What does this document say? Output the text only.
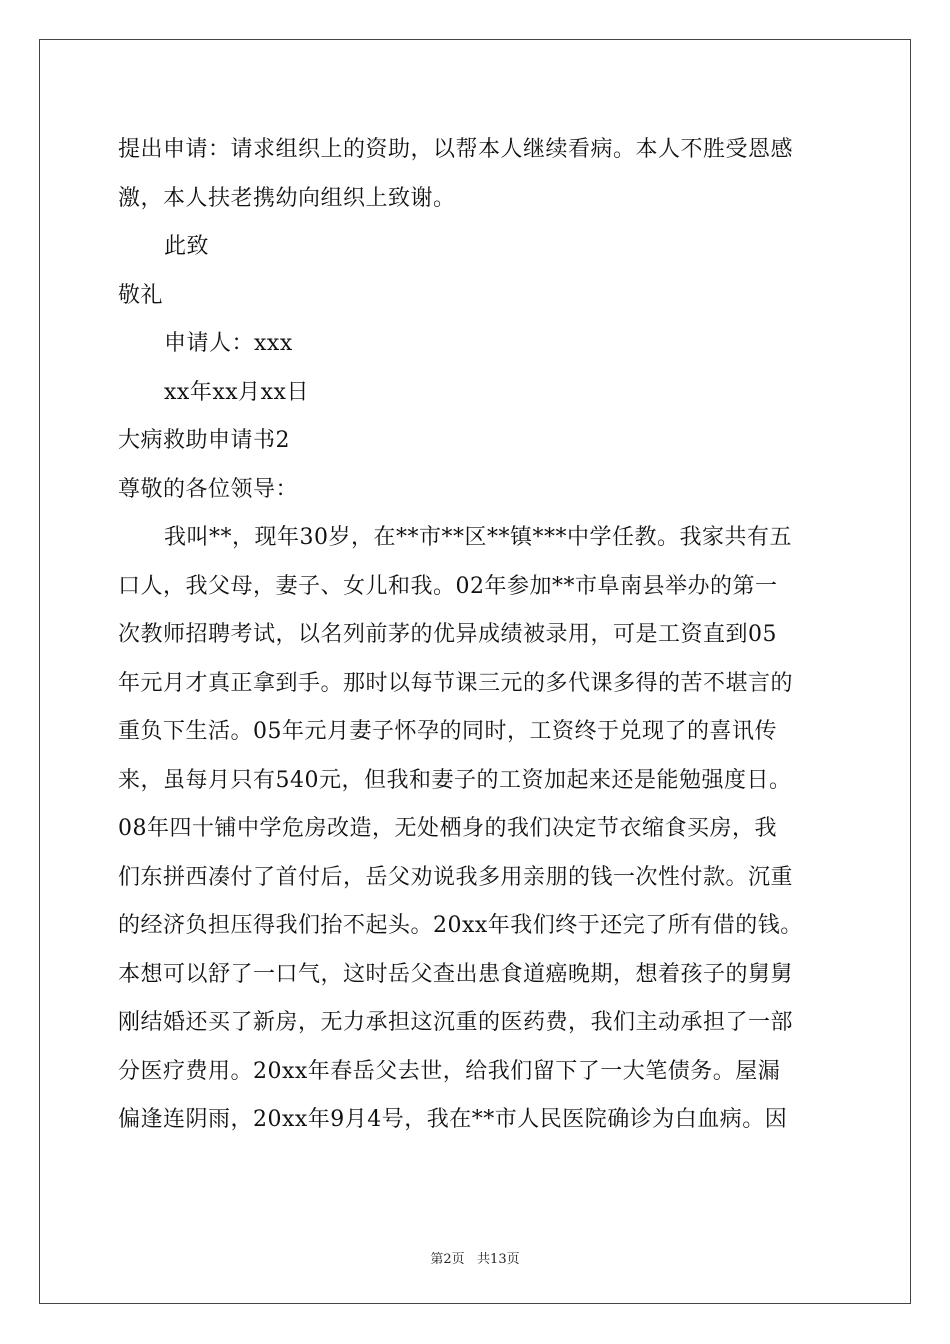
提出申请：请求组织上的资助，以帮本人继续看病。本人不胜受恩感
激，本人扶老携幼向组织上致谢。
此致
敬礼
申请人：xxx
xx年xx月xx日
大病救助申请书2
尊敬的各位领导：
我叫**，现年30岁，在**市**区**镇***中学任教。我家共有五
口人，我父母，妻子、女儿和我。02年参加**市阜南县举办的第一
次教师招聘考试，以名列前茅的优异成绩被录用，可是工资直到05
年元月才真正拿到手。那时以每节课三元的多代课多得的苦不堪言的
重负下生活。05年元月妻子怀孕的同时，工资终于兑现了的喜讯传
来，虽每月只有540元，但我和妻子的工资加起来还是能勉强度日。
08年四十铺中学危房改造，无处栖身的我们决定节衣缩食买房，我
们东拼西凑付了首付后，岳父劝说我多用亲朋的钱一次性付款。沉重
的经济负担压得我们抬不起头。20xx年我们终于还完了所有借的钱。
本想可以舒了一口气，这时岳父查出患食道癌晚期，想着孩子的舅舅
刚结婚还买了新房，无力承担这沉重的医药费，我们主动承担了一部
分医疗费用。20xx年春岳父去世，给我们留下了一大笔债务。屋漏
偏逢连阴雨，20xx年9月4号，我在**市人民医院确诊为白血病。因
第2页   共13页
